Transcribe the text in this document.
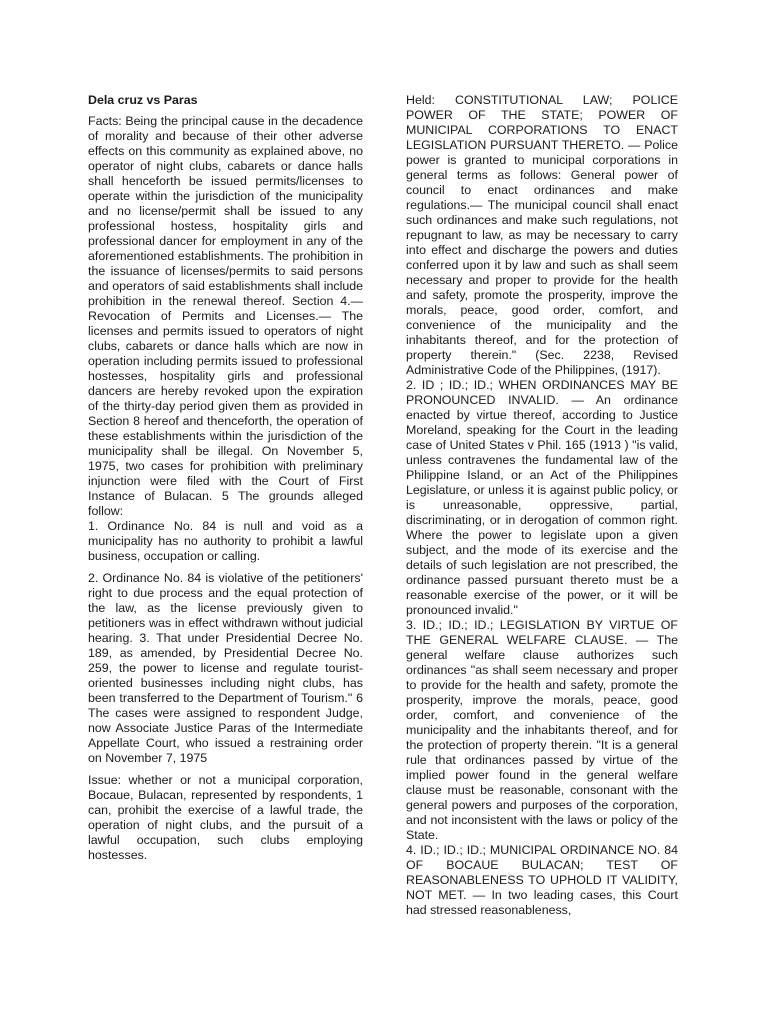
Dela cruz vs Paras

Facts: Being the principal cause in the decadence of morality and because of their other adverse effects on this community as explained above, no operator of night clubs, cabarets or dance halls shall henceforth be issued permits/licenses to operate within the jurisdiction of the municipality and no license/permit shall be issued to any professional hostess, hospitality girls and professional dancer for employment in any of the aforementioned establishments. The prohibition in the issuance of licenses/permits to said persons and operators of said establishments shall include prohibition in the renewal thereof. Section 4.— Revocation of Permits and Licenses.— The licenses and permits issued to operators of night clubs, cabarets or dance halls which are now in operation including permits issued to professional hostesses, hospitality girls and professional dancers are hereby revoked upon the expiration of the thirty-day period given them as provided in Section 8 hereof and thenceforth, the operation of these establishments within the jurisdiction of the municipality shall be illegal. On November 5, 1975, two cases for prohibition with preliminary injunction were filed with the Court of First Instance of Bulacan. 5 The grounds alleged follow:
1. Ordinance No. 84 is null and void as a municipality has no authority to prohibit a lawful business, occupation or calling.

2. Ordinance No. 84 is violative of the petitioners' right to due process and the equal protection of the law, as the license previously given to petitioners was in effect withdrawn without judicial hearing. 3. That under Presidential Decree No. 189, as amended, by Presidential Decree No. 259, the power to license and regulate tourist-oriented businesses including night clubs, has been transferred to the Department of Tourism." 6 The cases were assigned to respondent Judge, now Associate Justice Paras of the Intermediate Appellate Court, who issued a restraining order on November 7, 1975

Issue: whether or not a municipal corporation, Bocaue, Bulacan, represented by respondents, 1 can, prohibit the exercise of a lawful trade, the operation of night clubs, and the pursuit of a lawful occupation, such clubs employing hostesses.

Held: CONSTITUTIONAL LAW; POLICE POWER OF THE STATE; POWER OF MUNICIPAL CORPORATIONS TO ENACT LEGISLATION PURSUANT THERETO. — Police power is granted to municipal corporations in general terms as follows: General power of council to enact ordinances and make regulations.— The municipal council shall enact such ordinances and make such regulations, not repugnant to law, as may be necessary to carry into effect and discharge the powers and duties conferred upon it by law and such as shall seem necessary and proper to provide for the health and safety, promote the prosperity, improve the morals, peace, good order, comfort, and convenience of the municipality and the inhabitants thereof, and for the protection of property therein." (Sec. 2238, Revised Administrative Code of the Philippines, (1917).

2. ID ; ID.; ID.; WHEN ORDINANCES MAY BE PRONOUNCED INVALID. — An ordinance enacted by virtue thereof, according to Justice Moreland, speaking for the Court in the leading case of United States v Phil. 165 (1913 ) "is valid, unless contravenes the fundamental law of the Philippine Island, or an Act of the Philippines Legislature, or unless it is against public policy, or is unreasonable, oppressive, partial, discriminating, or in derogation of common right. Where the power to legislate upon a given subject, and the mode of its exercise and the details of such legislation are not prescribed, the ordinance passed pursuant thereto must be a reasonable exercise of the power, or it will be pronounced invalid."

3. ID.; ID.; ID.; LEGISLATION BY VIRTUE OF THE GENERAL WELFARE CLAUSE. — The general welfare clause authorizes such ordinances "as shall seem necessary and proper to provide for the health and safety, promote the prosperity, improve the morals, peace, good order, comfort, and convenience of the municipality and the inhabitants thereof, and for the protection of property therein. "It is a general rule that ordinances passed by virtue of the implied power found in the general welfare clause must be reasonable, consonant with the general powers and purposes of the corporation, and not inconsistent with the laws or policy of the State.

4. ID.; ID.; ID.; MUNICIPAL ORDINANCE NO. 84 OF BOCAUE BULACAN; TEST OF REASONABLENESS TO UPHOLD IT VALIDITY, NOT MET. — In two leading cases, this Court had stressed reasonableness,
